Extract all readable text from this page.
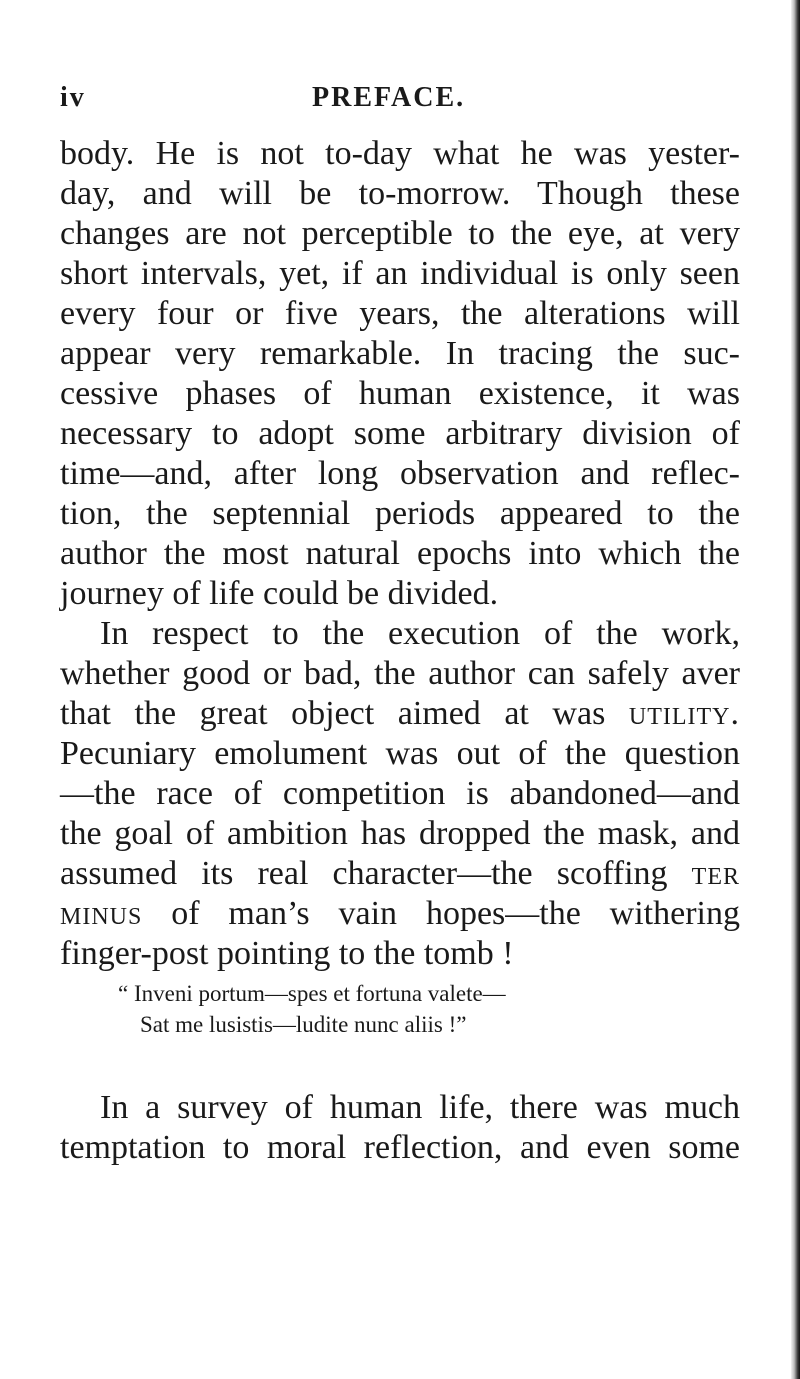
iv	PREFACE.
body. He is not to-day what he was yester-
day, and will be to-morrow. Though these
changes are not perceptible to the eye, at very
short intervals, yet, if an individual is only seen
every four or five years, the alterations will
appear very remarkable. In tracing the suc-
cessive phases of human existence, it was
necessary to adopt some arbitrary division of
time—and, after long observation and reflec-
tion, the septennial periods appeared to the
author the most natural epochs into which the
journey of life could be divided.
In respect to the execution of the work,
whether good or bad, the author can safely aver
that the great object aimed at was utility.
Pecuniary emolument was out of the question
—the race of competition is abandoned—and
the goal of ambition has dropped the mask, and
assumed its real character—the scoffing ter
minus of man’s vain hopes—the withering
finger-post pointing to the tomb !
“ Inveni portum—spes et fortuna valete—
Sat me lusistis—ludite nunc aliis !”
In a survey of human life, there was much
temptation to moral reflection, and even some
